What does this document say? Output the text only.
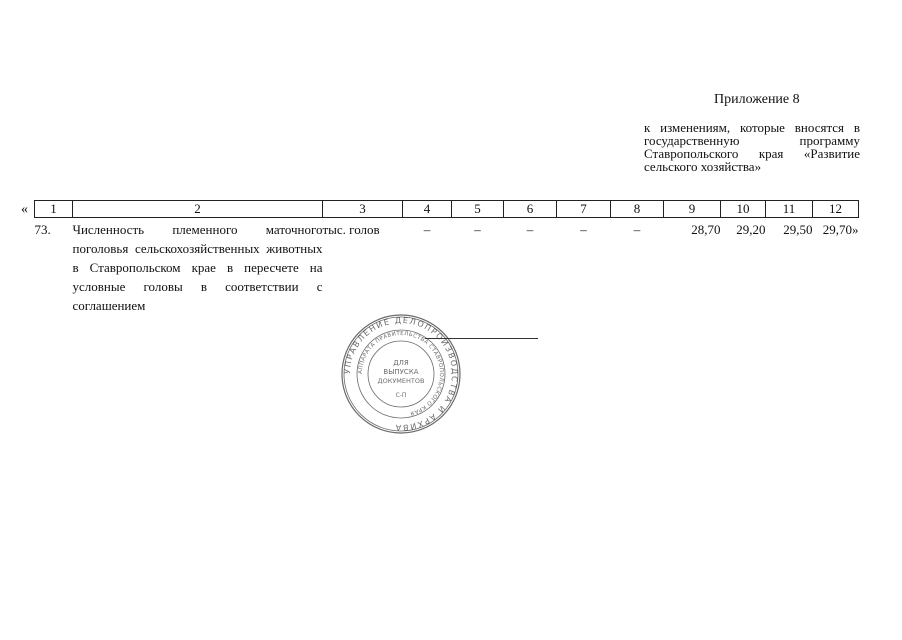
Приложение 8
к изменениям, которые вносятся в государственную программу Ставропольского края «Развитие сельского хозяйства»
« 1	2	3	4	5	6	7	8	9	10	11	12
73.	Численность племенного маточного поголовья сельскохозяйственных животных в Ставропольском крае в пересчете на условные головы в соответствии с соглашением	тыс. голов	–	–	–	–	–	28,70	29,20	29,50	29,70»
УПРАВЛЕНИЕ ДЕЛОПРОИЗВОДСТВА И АРХИВА
АППАРАТА ПРАВИТЕЛЬСТВА СТАВРОПОЛЬСКОГО КРАЯ
ДЛЯ
ВЫПУСКА
ДОКУМЕНТОВ
С-П
